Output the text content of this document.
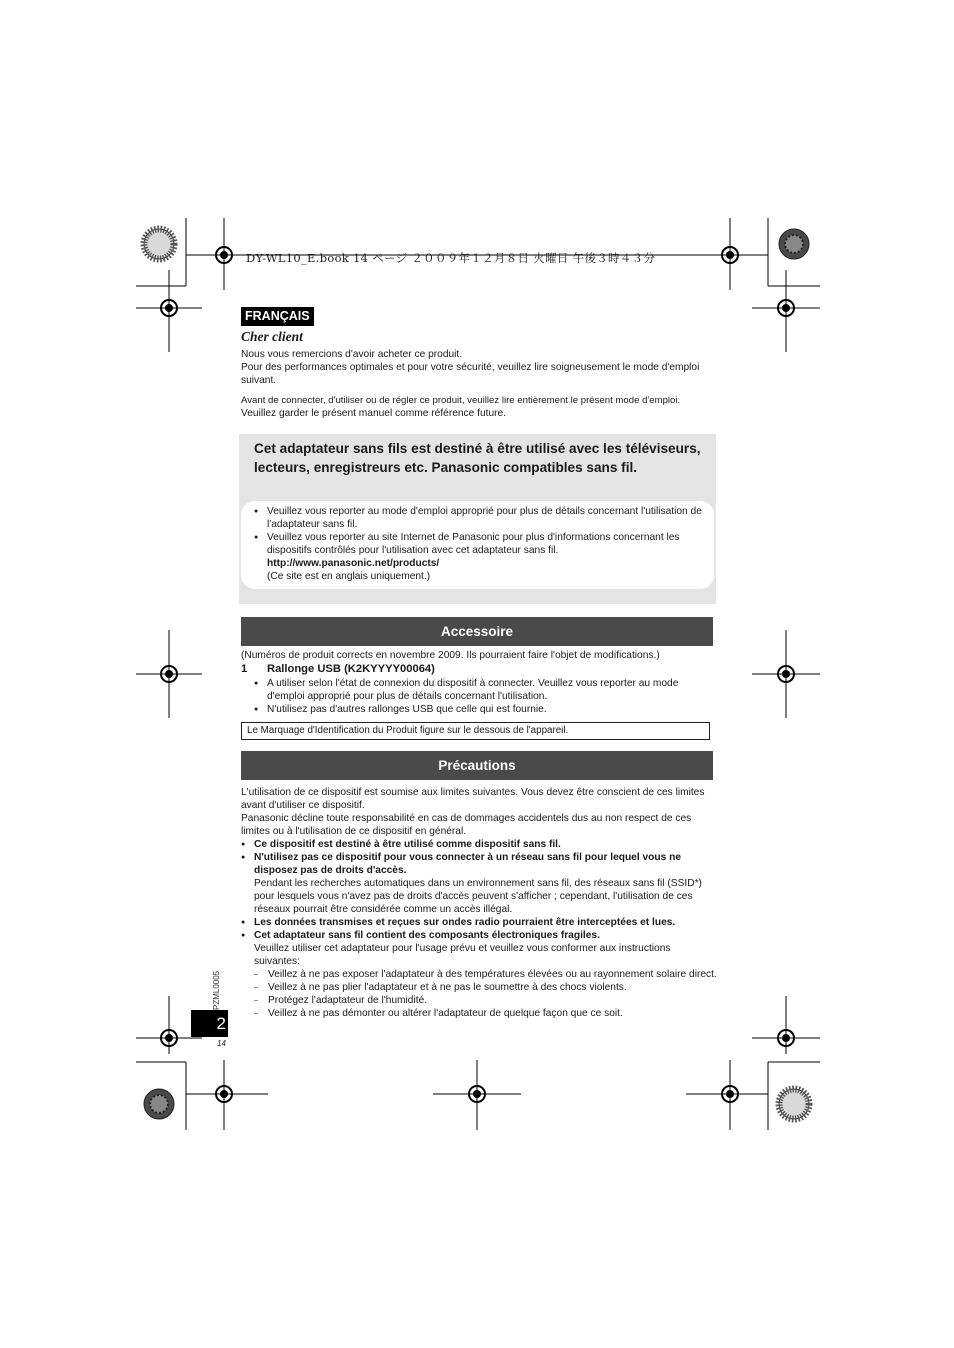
DY-WL10_E.book 14 ページ ２００９年１２月８日 火曜日 午後３時４３分
FRANÇAIS
Cher client
Nous vous remercions d'avoir acheter ce produit.
Pour des performances optimales et pour votre sécurité, veuillez lire soigneusement le mode d'emploi suivant.
Avant de connecter, d'utiliser ou de régler ce produit, veuillez lire entièrement le présent mode d'emploi.
Veuillez garder le présent manuel comme référence future.
Cet adaptateur sans fils est destiné à être utilisé avec les téléviseurs, lecteurs, enregistreurs etc. Panasonic compatibles sans fil.
● Veuillez vous reporter au mode d'emploi approprié pour plus de détails concernant l'utilisation de l'adaptateur sans fil.
● Veuillez vous reporter au site Internet de Panasonic pour plus d'informations concernant les dispositifs contrôlés pour l'utilisation avec cet adaptateur sans fil.
http://www.panasonic.net/products/
(Ce site est en anglais uniquement.)
Accessoire
(Numéros de produit corrects en novembre 2009. Ils pourraient faire l'objet de modifications.)
1 Rallonge USB (K2KYYYY00064)
● A utiliser selon l'état de connexion du dispositif à connecter. Veuillez vous reporter au mode d'emploi approprié pour plus de détails concernant l'utilisation.
● N'utilisez pas d'autres rallonges USB que celle qui est fournie.
Le Marquage d'Identification du Produit figure sur le dessous de l'appareil.
Précautions
L'utilisation de ce dispositif est soumise aux limites suivantes. Vous devez être conscient de ces limites avant d'utiliser ce dispositif.
Panasonic décline toute responsabilité en cas de dommages accidentels dus au non respect de ces limites ou à l'utilisation de ce dispositif en général.
● Ce dispositif est destiné à être utilisé comme dispositif sans fil.
● N'utilisez pas ce dispositif pour vous connecter à un réseau sans fil pour lequel vous ne disposez pas de droits d'accès.
Pendant les recherches automatiques dans un environnement sans fil, des réseaux sans fil (SSID*) pour lesquels vous n'avez pas de droits d'accès peuvent s'afficher ; cependant, l'utilisation de ces réseaux pourrait être considérée comme un accès illégal.
● Les données transmises et reçues sur ondes radio pourraient être interceptées et lues.
● Cet adaptateur sans fil contient des composants électroniques fragiles.
Veuillez utiliser cet adaptateur pour l'usage prévu et veuillez vous conformer aux instructions suivantes:
– Veillez à ne pas exposer l'adaptateur à des températures élevées ou au rayonnement solaire direct.
– Veillez à ne pas plier l'adaptateur et à ne pas le soumettre à des chocs violents.
– Protégez l'adaptateur de l'humidité.
– Veillez à ne pas démonter ou altérer l'adaptateur de quelque façon que ce soit.
PZML0005
2
14
